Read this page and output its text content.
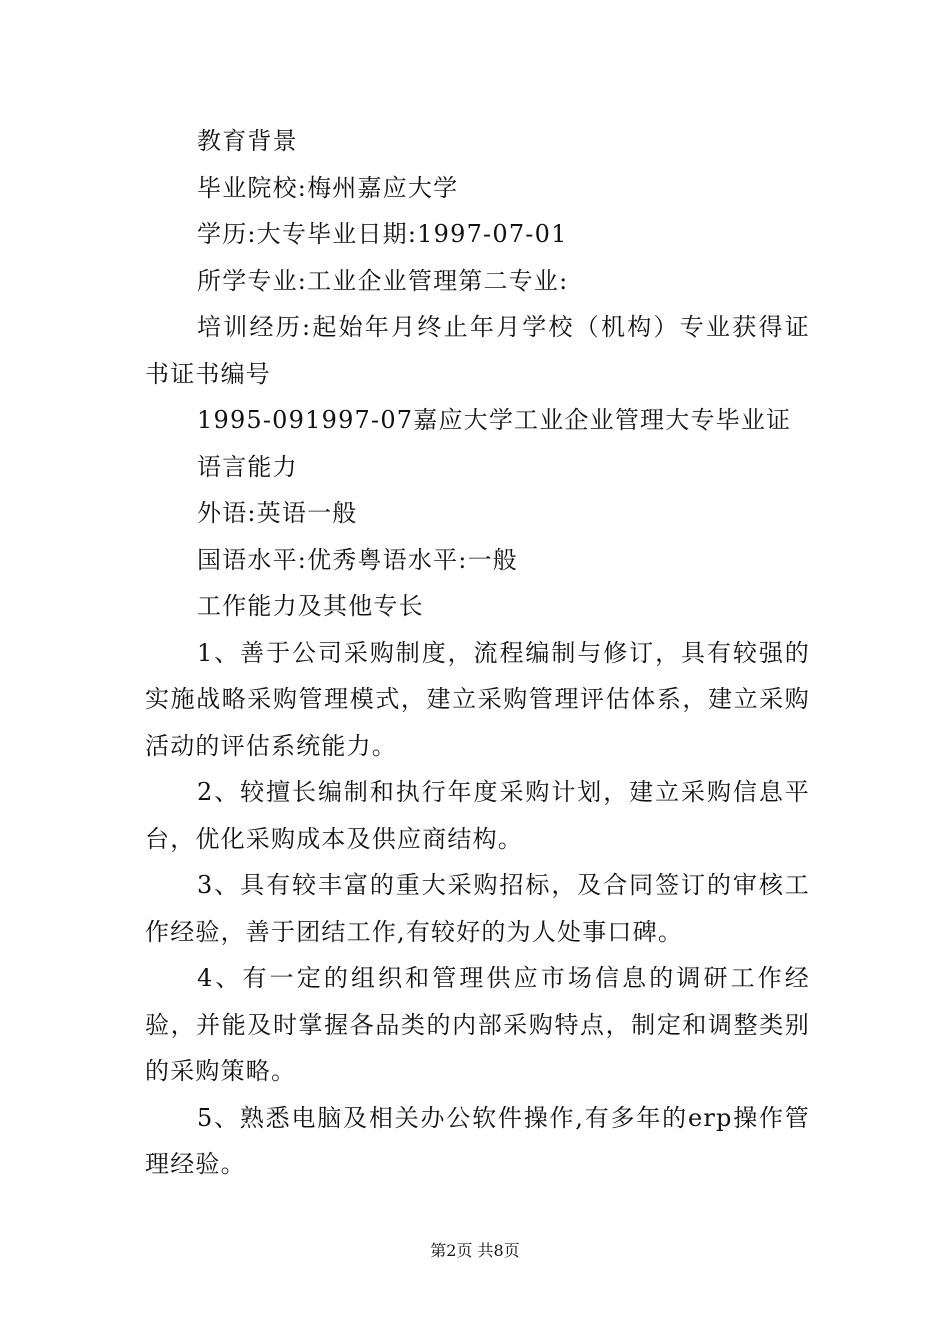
教育背景

毕业院校:梅州嘉应大学

学历:大专毕业日期:1997-07-01

所学专业:工业企业管理第二专业:

培训经历:起始年月终止年月学校（机构）专业获得证书证书编号

1995-091997-07嘉应大学工业企业管理大专毕业证

语言能力

外语:英语一般

国语水平:优秀粤语水平:一般

工作能力及其他专长

1、善于公司采购制度，流程编制与修订，具有较强的实施战略采购管理模式，建立采购管理评估体系，建立采购活动的评估系统能力。

2、较擅长编制和执行年度采购计划，建立采购信息平台，优化采购成本及供应商结构。

3、具有较丰富的重大采购招标，及合同签订的审核工作经验，善于团结工作,有较好的为人处事口碑。

4、有一定的组织和管理供应市场信息的调研工作经验，并能及时掌握各品类的内部采购特点，制定和调整类别的采购策略。

5、熟悉电脑及相关办公软件操作,有多年的erp操作管理经验。

第2页 共8页
